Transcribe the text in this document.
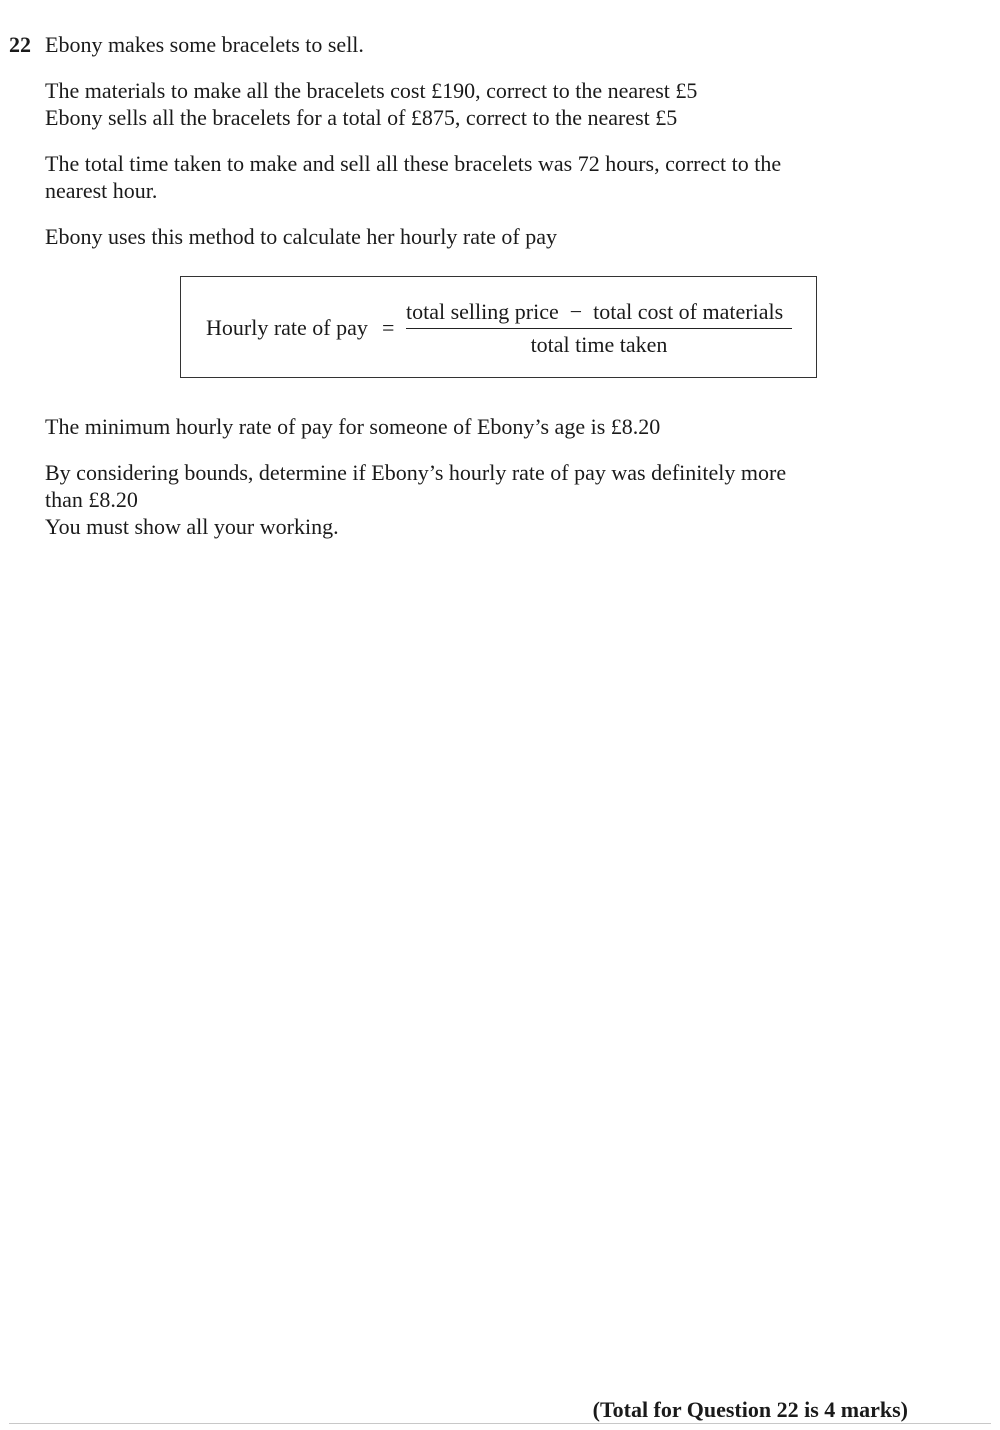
22 Ebony makes some bracelets to sell.
The materials to make all the bracelets cost £190, correct to the nearest £5
Ebony sells all the bracelets for a total of £875, correct to the nearest £5
The total time taken to make and sell all these bracelets was 72 hours, correct to the
nearest hour.
Ebony uses this method to calculate her hourly rate of pay
Hourly rate of pay =
total selling price  −  total cost of materials
total time taken
The minimum hourly rate of pay for someone of Ebony’s age is £8.20
By considering bounds, determine if Ebony’s hourly rate of pay was definitely more
than £8.20
You must show all your working.
(Total for Question 22 is 4 marks)
